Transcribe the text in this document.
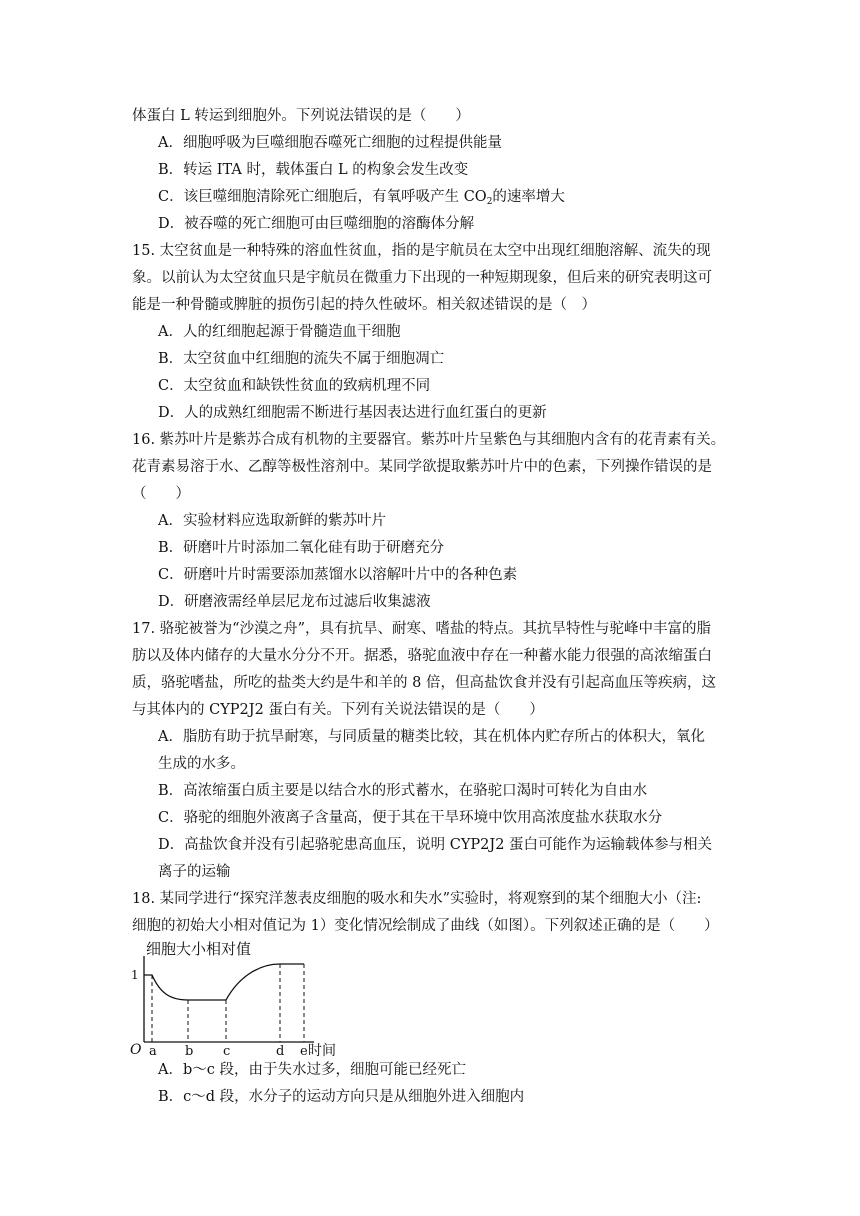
体蛋白 L 转运到细胞外。下列说法错误的是（　　）
A．细胞呼吸为巨噬细胞吞噬死亡细胞的过程提供能量
B．转运 ITA 时，载体蛋白 L 的构象会发生改变
C．该巨噬细胞清除死亡细胞后，有氧呼吸产生 $CO_2$的速率增大
D．被吞噬的死亡细胞可由巨噬细胞的溶酶体分解
15. 太空贫血是一种特殊的溶血性贫血，指的是宇航员在太空中出现红细胞溶解、流失的现
象。以前认为太空贫血只是宇航员在微重力下出现的一种短期现象，但后来的研究表明这可
能是一种骨髓或脾脏的损伤引起的持久性破坏。相关叙述错误的是（　）
A．人的红细胞起源于骨髓造血干细胞
B．太空贫血中红细胞的流失不属于细胞凋亡
C．太空贫血和缺铁性贫血的致病机理不同
D．人的成熟红细胞需不断进行基因表达进行血红蛋白的更新
16. 紫苏叶片是紫苏合成有机物的主要器官。紫苏叶片呈紫色与其细胞内含有的花青素有关。
花青素易溶于水、乙醇等极性溶剂中。某同学欲提取紫苏叶片中的色素，下列操作错误的是
（　　）
A．实验材料应选取新鲜的紫苏叶片
B．研磨叶片时添加二氧化硅有助于研磨充分
C．研磨叶片时需要添加蒸馏水以溶解叶片中的各种色素
D．研磨液需经单层尼龙布过滤后收集滤液
17. 骆驼被誉为“沙漠之舟”，具有抗旱、耐寒、嗜盐的特点。其抗旱特性与驼峰中丰富的脂
肪以及体内储存的大量水分分不开。据悉，骆驼血液中存在一种蓄水能力很强的高浓缩蛋白
质，骆驼嗜盐，所吃的盐类大约是牛和羊的 8 倍，但高盐饮食并没有引起高血压等疾病，这
与其体内的 CYP2J2 蛋白有关。下列有关说法错误的是（　　）
A．脂肪有助于抗旱耐寒，与同质量的糖类比较，其在机体内贮存所占的体积大，氧化
生成的水多。
B．高浓缩蛋白质主要是以结合水的形式蓄水，在骆驼口渴时可转化为自由水
C．骆驼的细胞外液离子含量高，便于其在干旱环境中饮用高浓度盐水获取水分
D．高盐饮食并没有引起骆驼患高血压，说明 CYP2J2 蛋白可能作为运输载体参与相关
离子的运输
18. 某同学进行“探究洋葱表皮细胞的吸水和失水”实验时，将观察到的某个细胞大小（注:
细胞的初始大小相对值记为 1）变化情况绘制成了曲线（如图）。下列叙述正确的是（　　）
细胞大小相对值
1
O a b c	d e 时间
A．b～c 段，由于失水过多，细胞可能已经死亡
B．c～d 段，水分子的运动方向只是从细胞外进入细胞内
